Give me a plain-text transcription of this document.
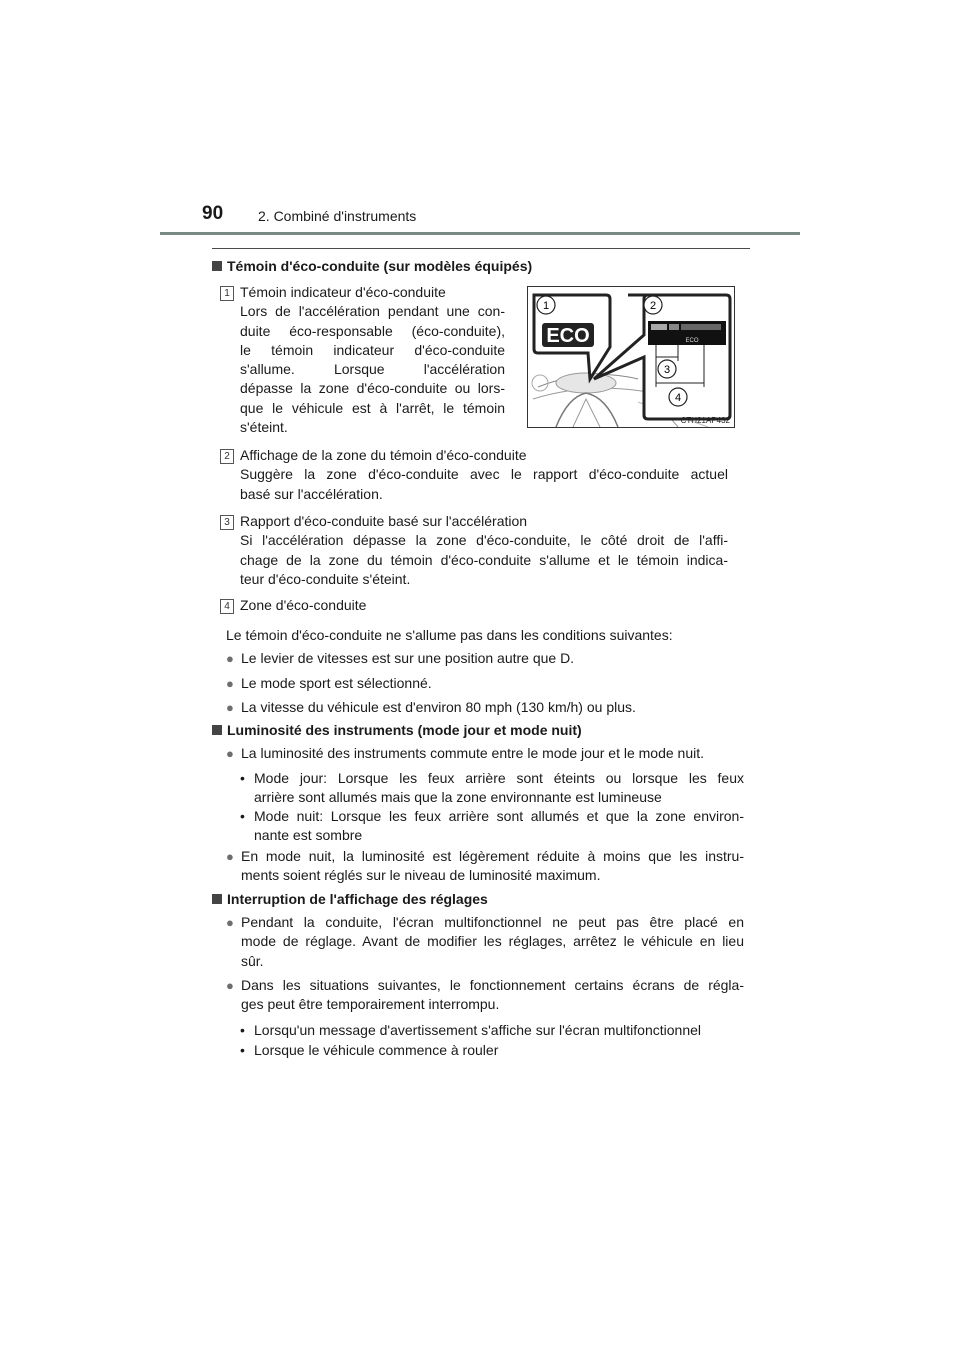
90 2. Combiné d'instruments
Témoin d'éco-conduite (sur modèles équipés)
1 Témoin indicateur d'éco-conduite
Lors de l'accélération pendant une con-
duite éco-responsable (éco-conduite),
le témoin indicateur d'éco-conduite
s'allume. Lorsque l'accélération
dépasse la zone d'éco-conduite ou lors-
que le véhicule est à l'arrêt, le témoin
s'éteint.
ECO	ECO
1	2
3
4
CTH21AP432
2 Affichage de la zone du témoin d'éco-conduite
Suggère la zone d'éco-conduite avec le rapport d'éco-conduite actuel
basé sur l'accélération.
3 Rapport d'éco-conduite basé sur l'accélération
Si l'accélération dépasse la zone d'éco-conduite, le côté droit de l'affi-
chage de la zone du témoin d'éco-conduite s'allume et le témoin indica-
teur d'éco-conduite s'éteint.
4 Zone d'éco-conduite
Le témoin d'éco-conduite ne s'allume pas dans les conditions suivantes:
● Le levier de vitesses est sur une position autre que D.
● Le mode sport est sélectionné.
● La vitesse du véhicule est d'environ 80 mph (130 km/h) ou plus.
Luminosité des instruments (mode jour et mode nuit)
● La luminosité des instruments commute entre le mode jour et le mode nuit.
• Mode jour: Lorsque les feux arrière sont éteints ou lorsque les feux
arrière sont allumés mais que la zone environnante est lumineuse
• Mode nuit: Lorsque les feux arrière sont allumés et que la zone environ-
nante est sombre
● En mode nuit, la luminosité est légèrement réduite à moins que les instru-
ments soient réglés sur le niveau de luminosité maximum.
Interruption de l'affichage des réglages
● Pendant la conduite, l'écran multifonctionnel ne peut pas être placé en
mode de réglage. Avant de modifier les réglages, arrêtez le véhicule en lieu
sûr.
● Dans les situations suivantes, le fonctionnement certains écrans de régla-
ges peut être temporairement interrompu.
• Lorsqu'un message d'avertissement s'affiche sur l'écran multifonctionnel
• Lorsque le véhicule commence à rouler
